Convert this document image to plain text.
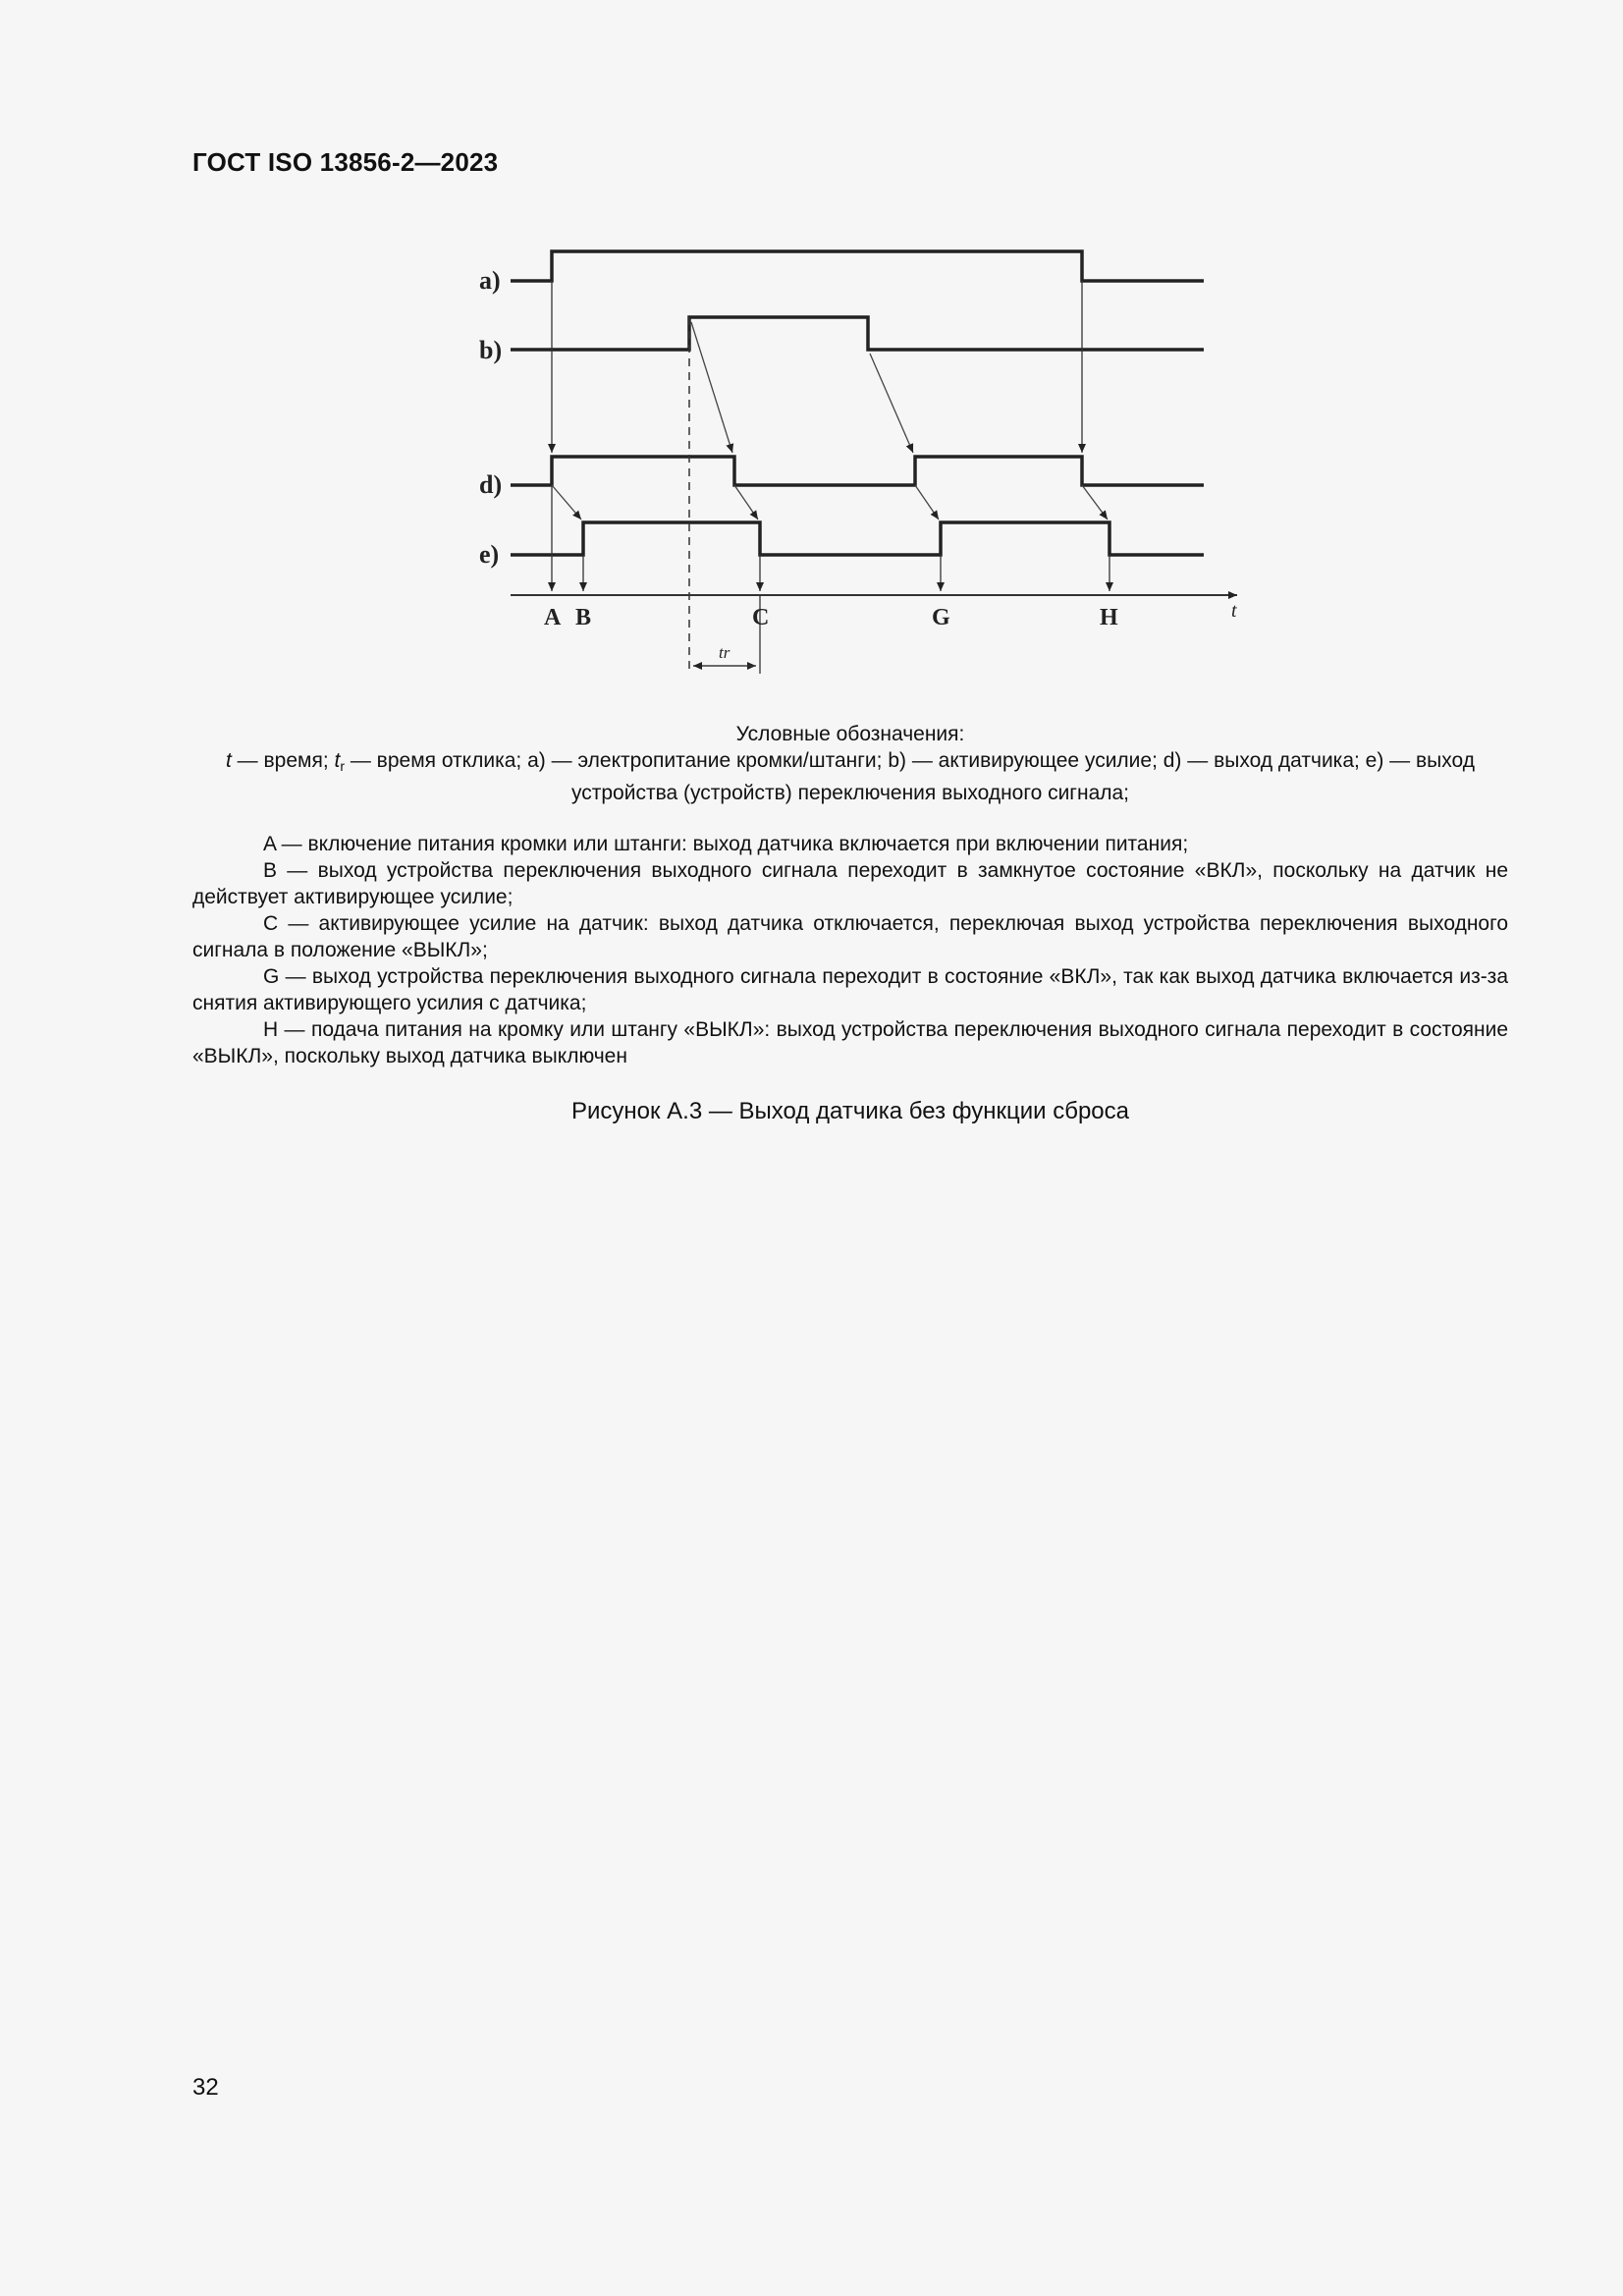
ГОСТ ISO 13856-2—2023
a)
b)
d)
e)
t
tr
A B	C	G	H
Условные обозначения:
t — время; $t_r$ — время отклика; a) — электропитание кромки/штанги; b) — активирующее усилие; d) — выход датчика; e) — выход
устройства (устройств) переключения выходного сигнала;

A — включение питания кромки или штанги: выход датчика включается при включении питания;

B — выход устройства переключения выходного сигнала переходит в замкнутое состояние «ВКЛ», поскольку на датчик не действует активирующее усилие;

C — активирующее усилие на датчик: выход датчика отключается, переключая выход устройства переключения выходного сигнала в положение «ВЫКЛ»;

G — выход устройства переключения выходного сигнала переходит в состояние «ВКЛ», так как выход датчика включается из-за снятия активирующего усилия с датчика;

H — подача питания на кромку или штангу «ВЫКЛ»: выход устройства переключения выходного сигнала переходит в состояние «ВЫКЛ», поскольку выход датчика выключен

Рисунок А.3 — Выход датчика без функции сброса
32
